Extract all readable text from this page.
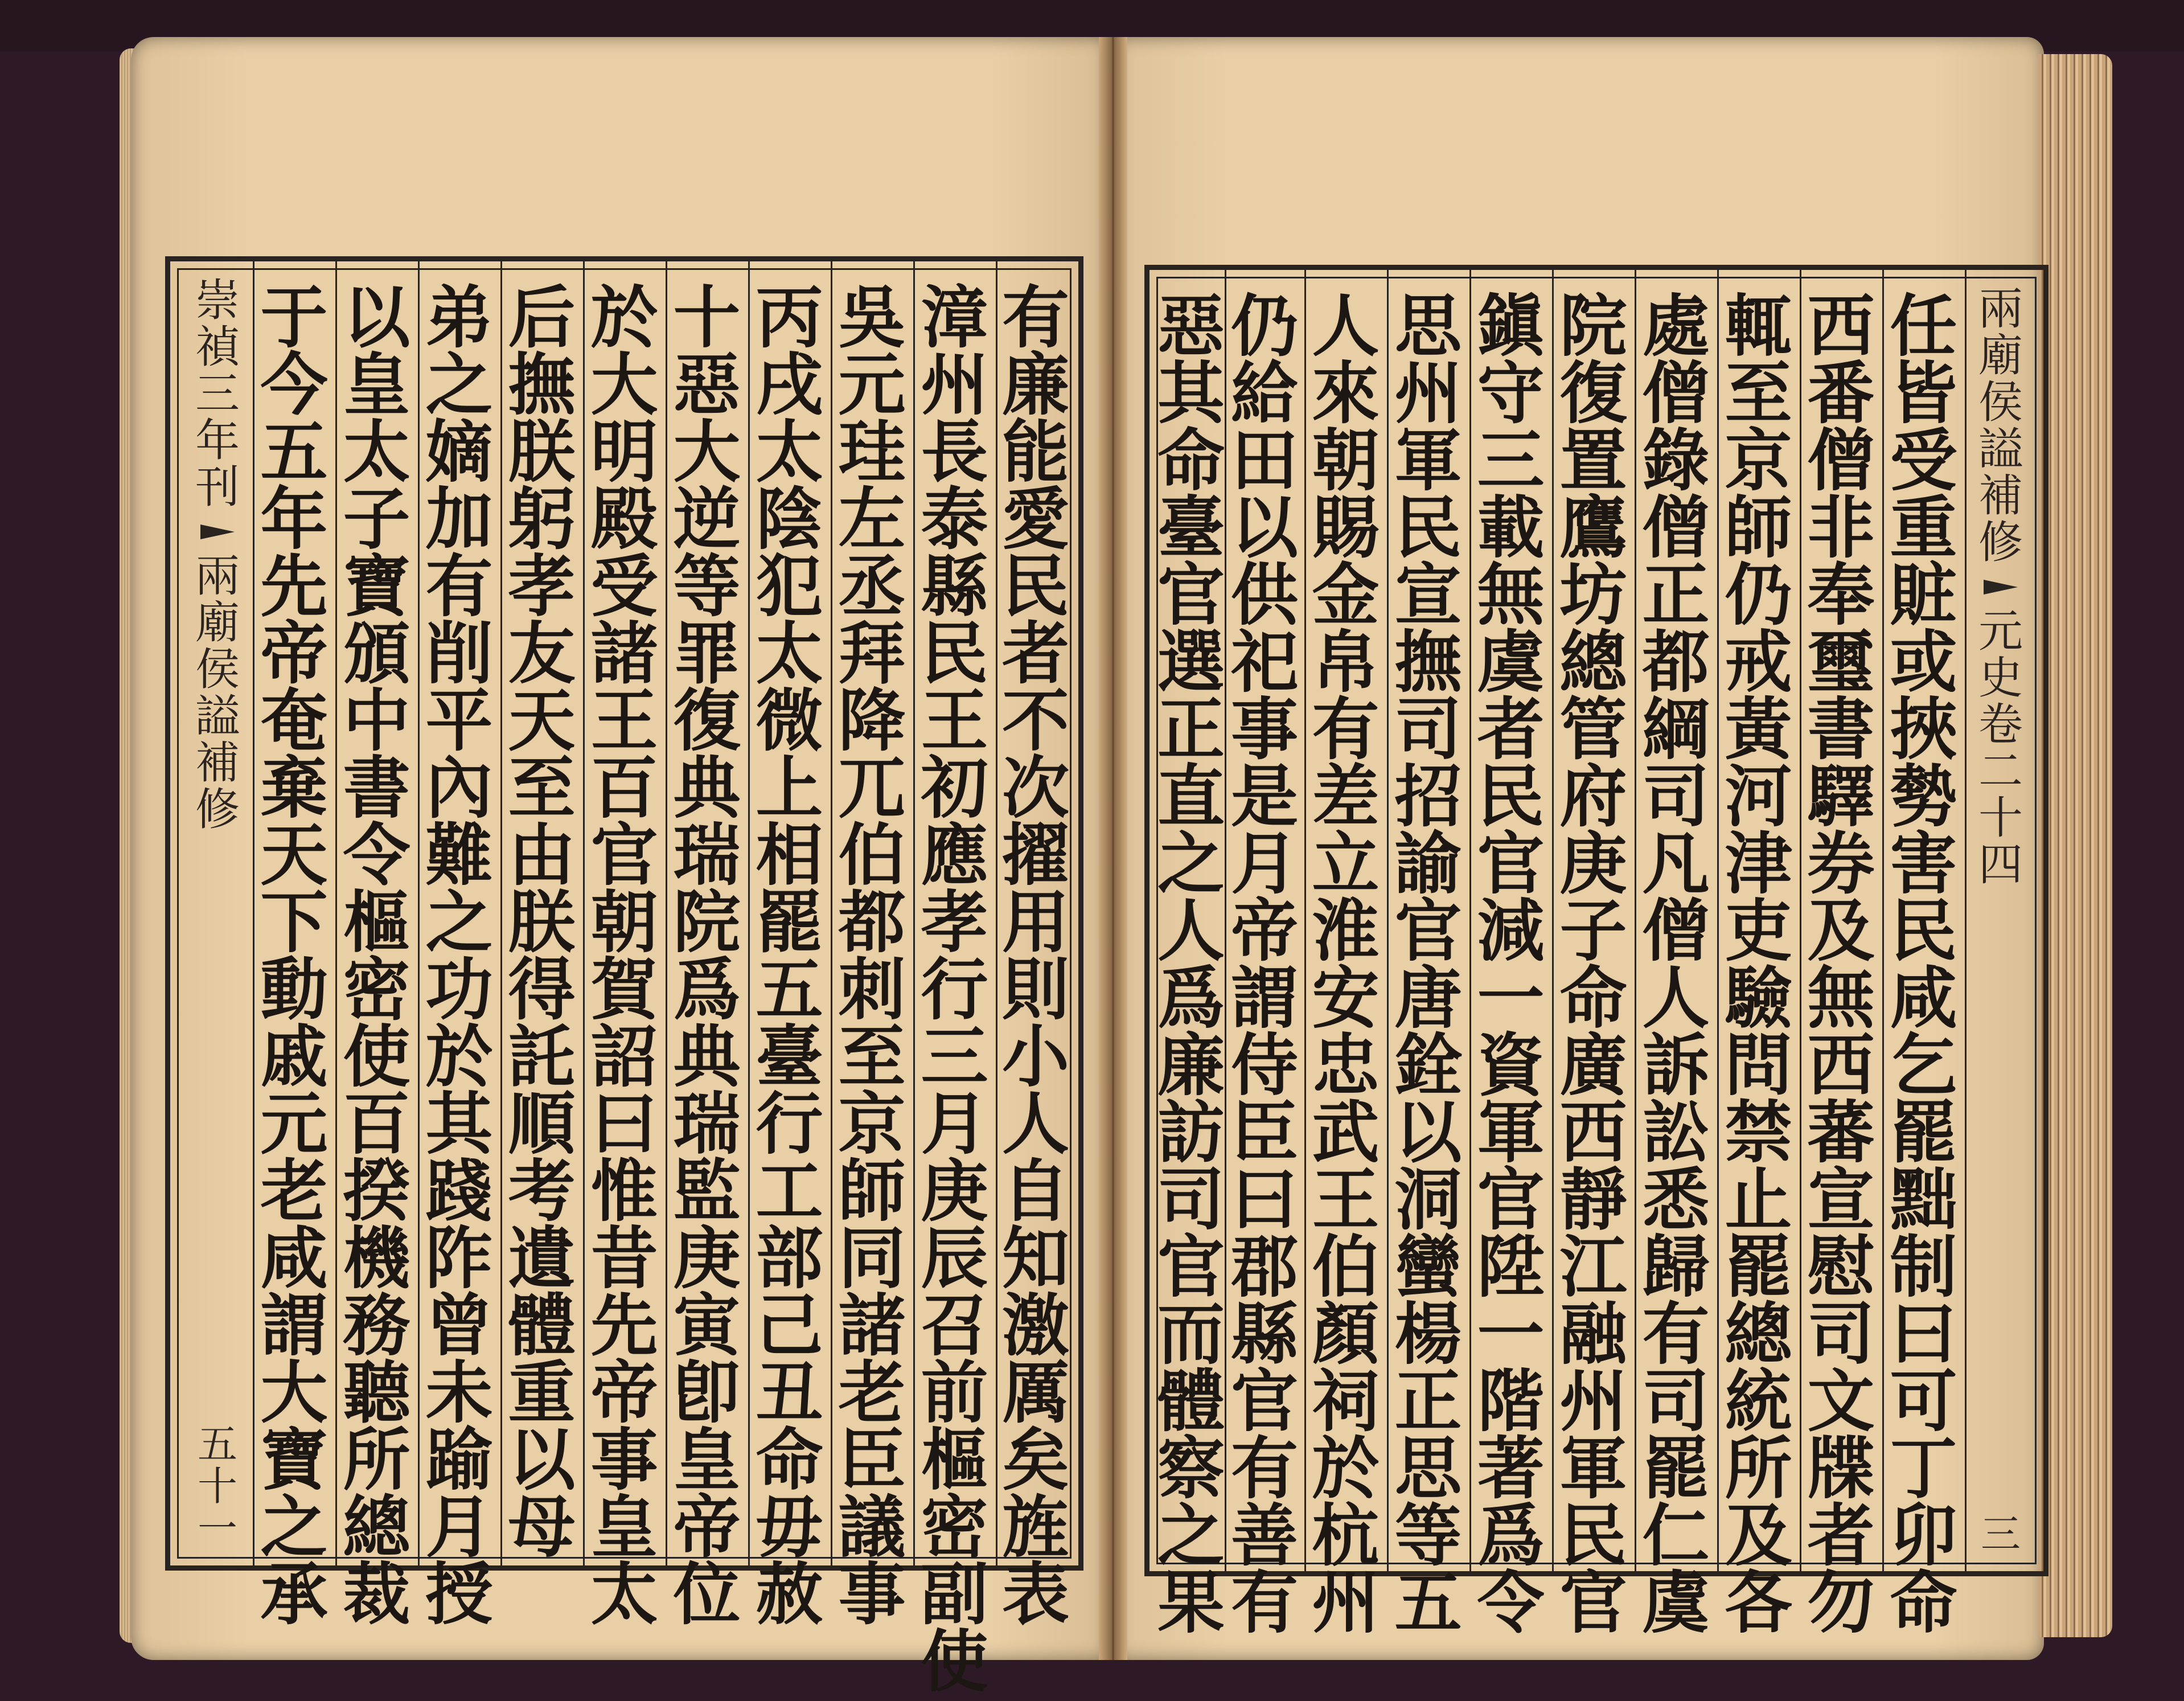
有
廉
能
愛
民
者
不
次
擢
用
則
小
人
自
知
激
厲
矣
旌
表
漳
州
長
泰
縣
民
王
初
應
孝
行
三
月
庚
辰
召
前
樞
密
副
使
吳
元
珪
左
丞
拜
降
兀
伯
都
刺
至
京
師
同
諸
老
臣
議
事
丙
戌
太
陰
犯
太
微
上
相
罷
五
臺
行
工
部
己
丑
命
毋
赦
十
惡
大
逆
等
罪
復
典
瑞
院
爲
典
瑞
監
庚
寅
卽
皇
帝
位
於
大
明
殿
受
諸
王
百
官
朝
賀
詔
曰
惟
昔
先
帝
事
皇
太
后
撫
朕
躬
孝
友
天
至
由
朕
得
託
順
考
遺
體
重
以
母
弟
之
嫡
加
有
削
平
內
難
之
功
於
其
踐
阼
曾
未
踰
月
授
以
皇
太
子
寶
頒
中
書
令
樞
密
使
百
揆
機
務
聽
所
總
裁
于
今
五
年
先
帝
奄
棄
天
下
動
戚
元
老
咸
謂
大
寶
之
承
崇
禎
三
年
刊
兩
廟
侯
謚
補
修
五
十
一
兩
廟
侯
謚
補
修
元
史
卷
二
十
四
三
任
皆
受
重
賍
或
挾
勢
害
民
咸
乞
罷
黜
制
曰
可
丁
卯
命
西
番
僧
非
奉
璽
書
驛
券
及
無
西
蕃
宣
慰
司
文
牒
者
勿
輒
至
京
師
仍
戒
黃
河
津
吏
驗
問
禁
止
罷
總
統
所
及
各
處
僧
錄
僧
正
都
綱
司
凡
僧
人
訴
訟
悉
歸
有
司
罷
仁
虞
院
復
置
鷹
坊
總
管
府
庚
子
命
廣
西
靜
江
融
州
軍
民
官
鎭
守
三
載
無
虞
者
民
官
減
一
資
軍
官
陞
一
階
著
爲
令
思
州
軍
民
宣
撫
司
招
諭
官
唐
銓
以
洞
蠻
楊
正
思
等
五
人
來
朝
賜
金
帛
有
差
立
淮
安
忠
武
王
伯
顏
祠
於
杭
州
仍
給
田
以
供
祀
事
是
月
帝
謂
侍
臣
曰
郡
縣
官
有
善
有
惡
其
命
臺
官
選
正
直
之
人
爲
廉
訪
司
官
而
體
察
之
果
